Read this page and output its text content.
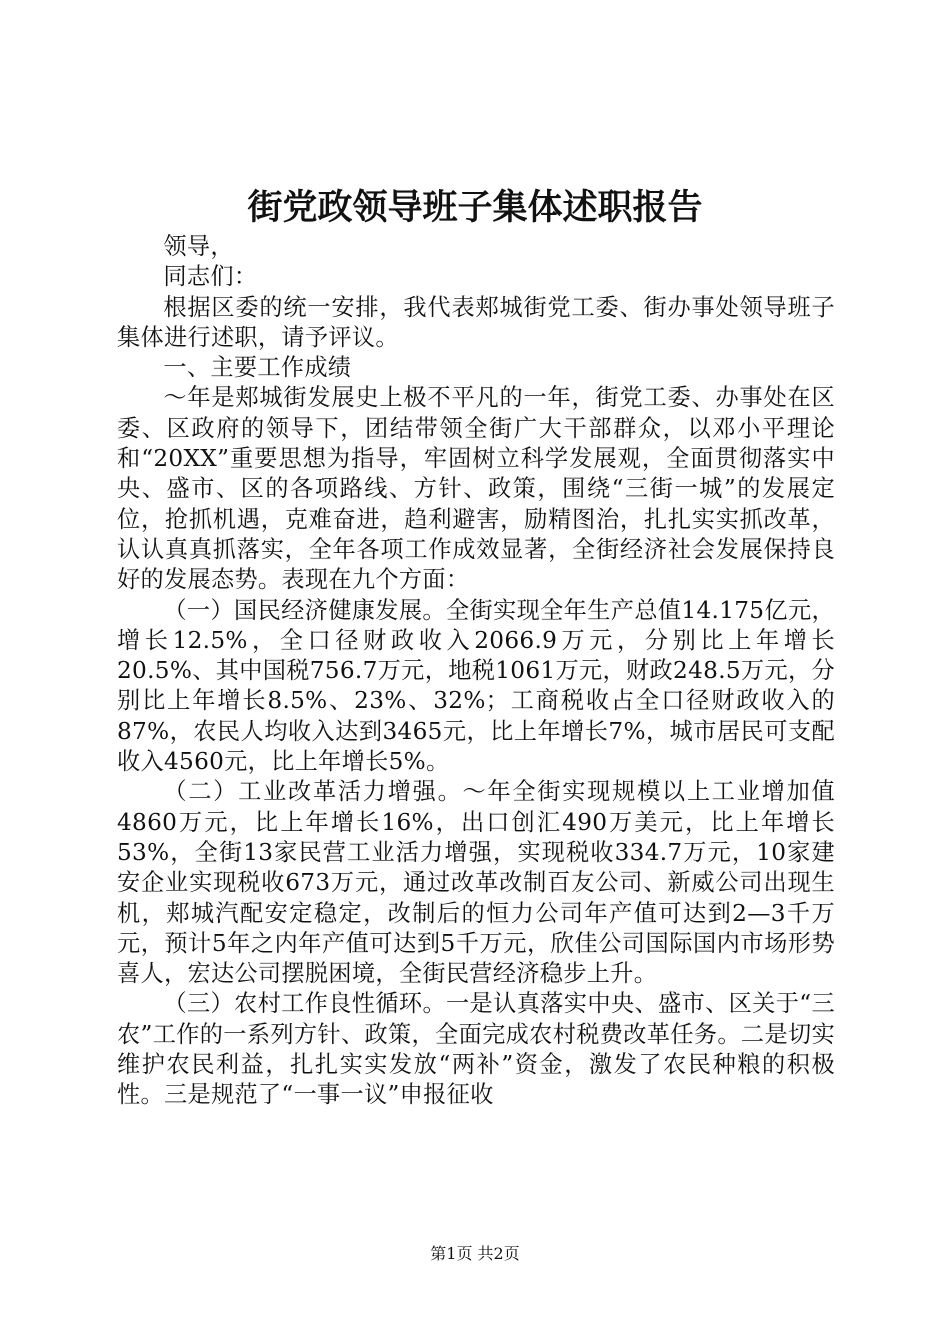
街党政领导班子集体述职报告

领导，

同志们：

根据区委的统一安排，我代表郏城街党工委、街办事处领导班子集体进行述职，请予评议。

一、主要工作成绩

～年是郏城街发展史上极不平凡的一年，街党工委、办事处在区委、区政府的领导下，团结带领全街广大干部群众，以邓小平理论和“20XX”重要思想为指导，牢固树立科学发展观，全面贯彻落实中央、盛市、区的各项路线、方针、政策，围绕“三街一城”的发展定位，抢抓机遇，克难奋进，趋利避害，励精图治，扎扎实实抓改革，认认真真抓落实，全年各项工作成效显著，全街经济社会发展保持良好的发展态势。表现在九个方面：

（一）国民经济健康发展。全街实现全年生产总值14.175亿元，增长12.5%，全口径财政收入2066.9万元，分别比上年增长20.5%、其中国税756.7万元，地税1061万元，财政248.5万元，分别比上年增长8.5%、23%、32%；工商税收占全口径财政收入的87%，农民人均收入达到3465元，比上年增长7%，城市居民可支配收入4560元，比上年增长5%。

（二）工业改革活力增强。～年全街实现规模以上工业增加值4860万元，比上年增长16%，出口创汇490万美元，比上年增长53%，全街13家民营工业活力增强，实现税收334.7万元，10家建安企业实现税收673万元，通过改革改制百友公司、新威公司出现生机，郏城汽配安定稳定，改制后的恒力公司年产值可达到2—3千万元，预计5年之内年产值可达到5千万元，欣佳公司国际国内市场形势喜人，宏达公司摆脱困境，全街民营经济稳步上升。

（三）农村工作良性循环。一是认真落实中央、盛市、区关于“三农”工作的一系列方针、政策，全面完成农村税费改革任务。二是切实维护农民利益，扎扎实实发放“两补”资金，激发了农民种粮的积极性。三是规范了“一事一议”申报征收

第1页 共2页
